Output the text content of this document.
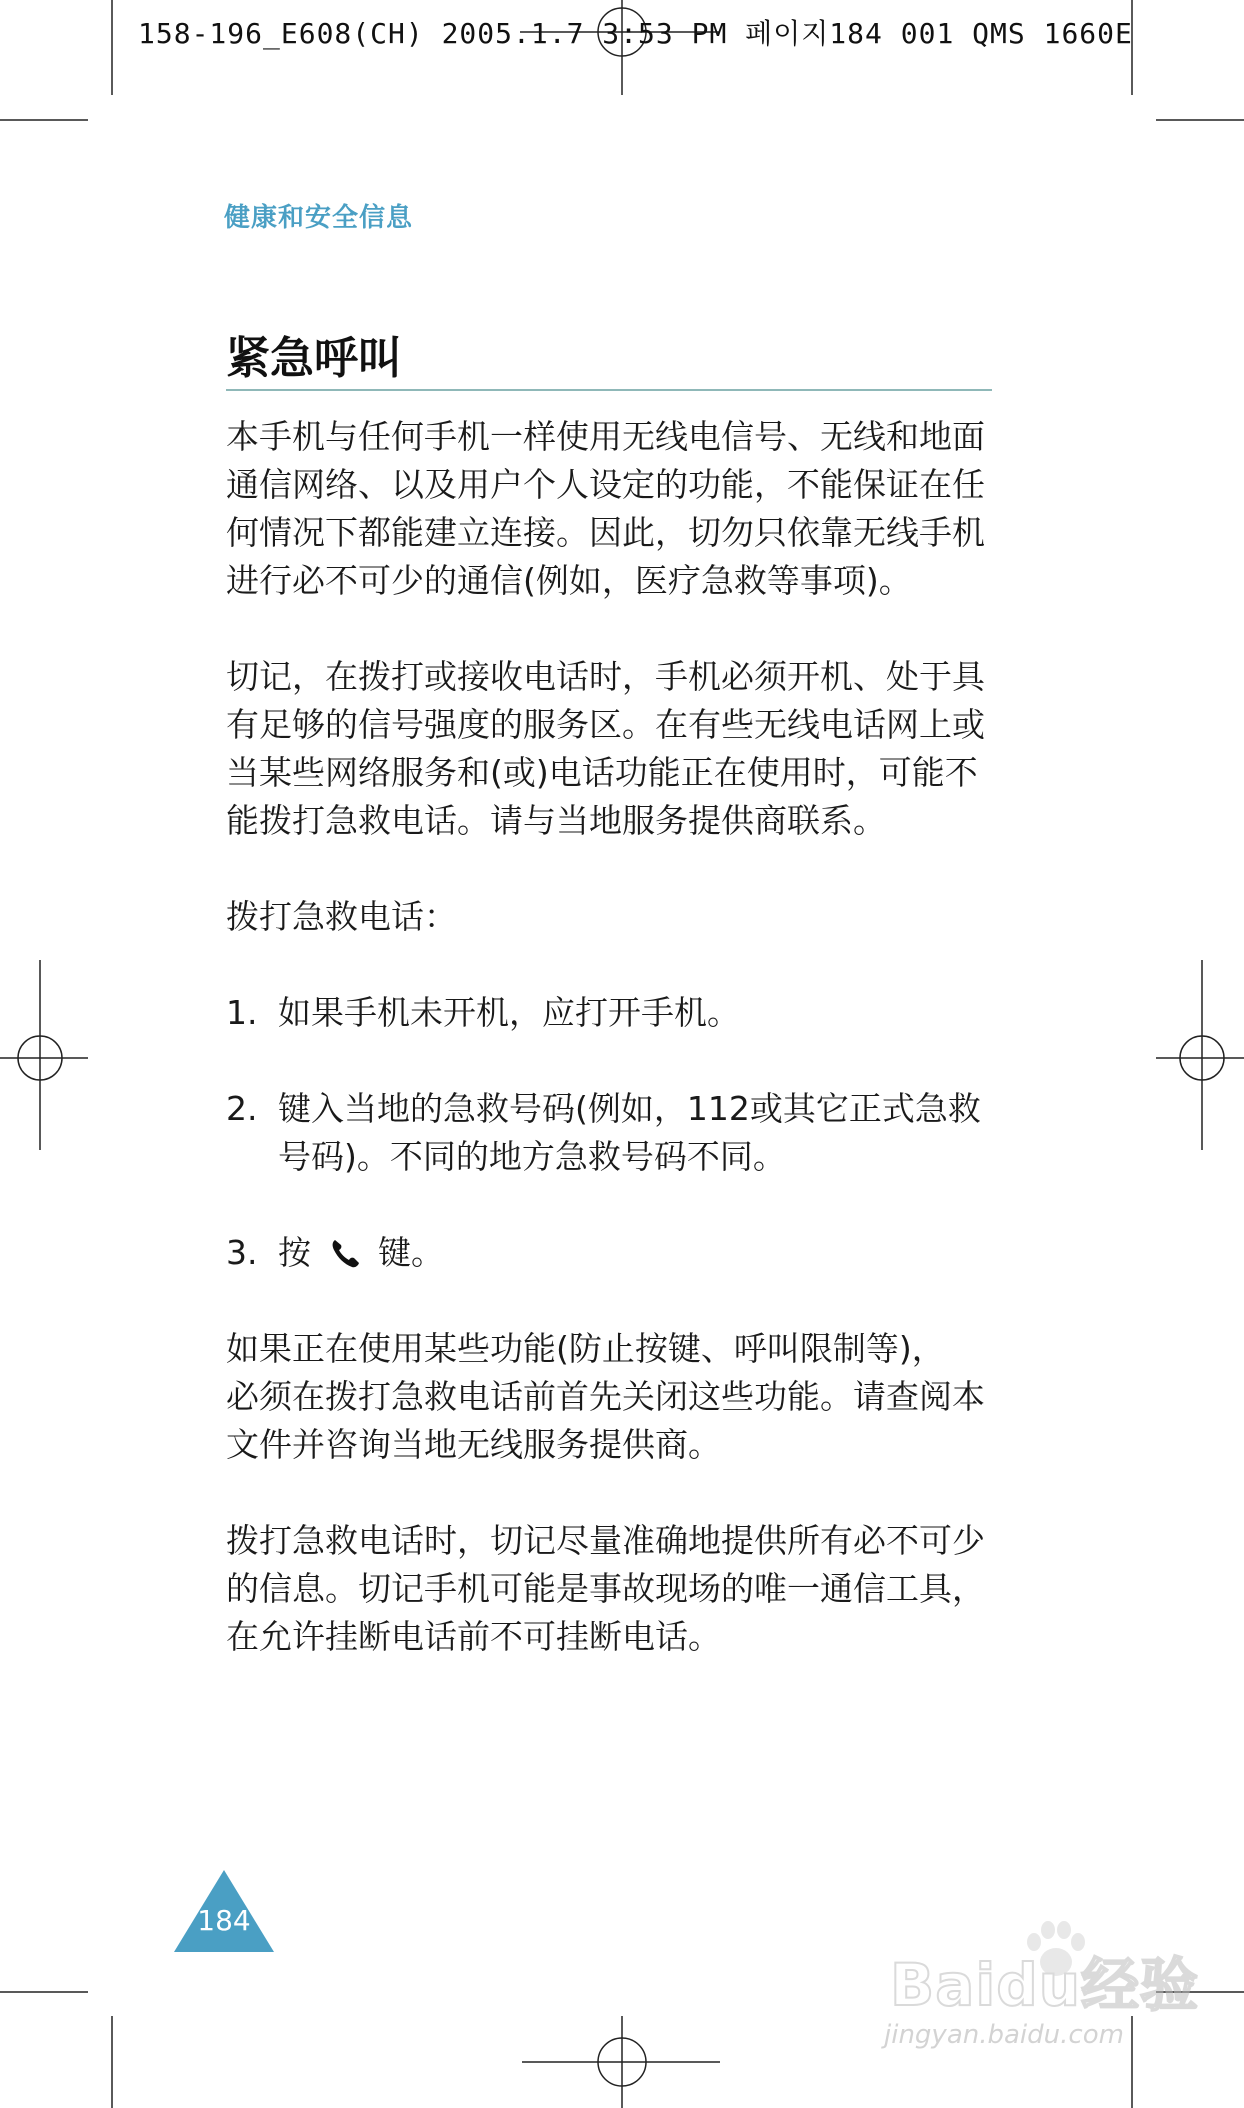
158-196_E608(CH) 2005.1.7 3:53 PM 페이지184 001 QMS 1660E
健康和安全信息
紧急呼叫

本手机与任何手机一样使用无线电信号、无线和地面通信网络、以及用户个人设定的功能，不能保证在任何情况下都能建立连接。因此，切勿只依靠无线手机进行必不可少的通信(例如，医疗急救等事项)。

切记，在拨打或接收电话时，手机必须开机、处于具有足够的信号强度的服务区。在有些无线电话网上或当某些网络服务和(或)电话功能正在使用时，可能不能拨打急救电话。请与当地服务提供商联系。

拨打急救电话：

1. 如果手机未开机，应打开手机。
2. 键入当地的急救号码(例如，112或其它正式急救号码)。不同的地方急救号码不同。
3. 按 键。

如果正在使用某些功能(防止按键、呼叫限制等)，

必须在拨打急救电话前首先关闭这些功能。请查阅本文件并咨询当地无线服务提供商。

拨打急救电话时，切记尽量准确地提供所有必不可少的信息。切记手机可能是事故现场的唯一通信工具，在允许挂断电话前不可挂断电话。

184
Baidu经验
jingyan.baidu.com
